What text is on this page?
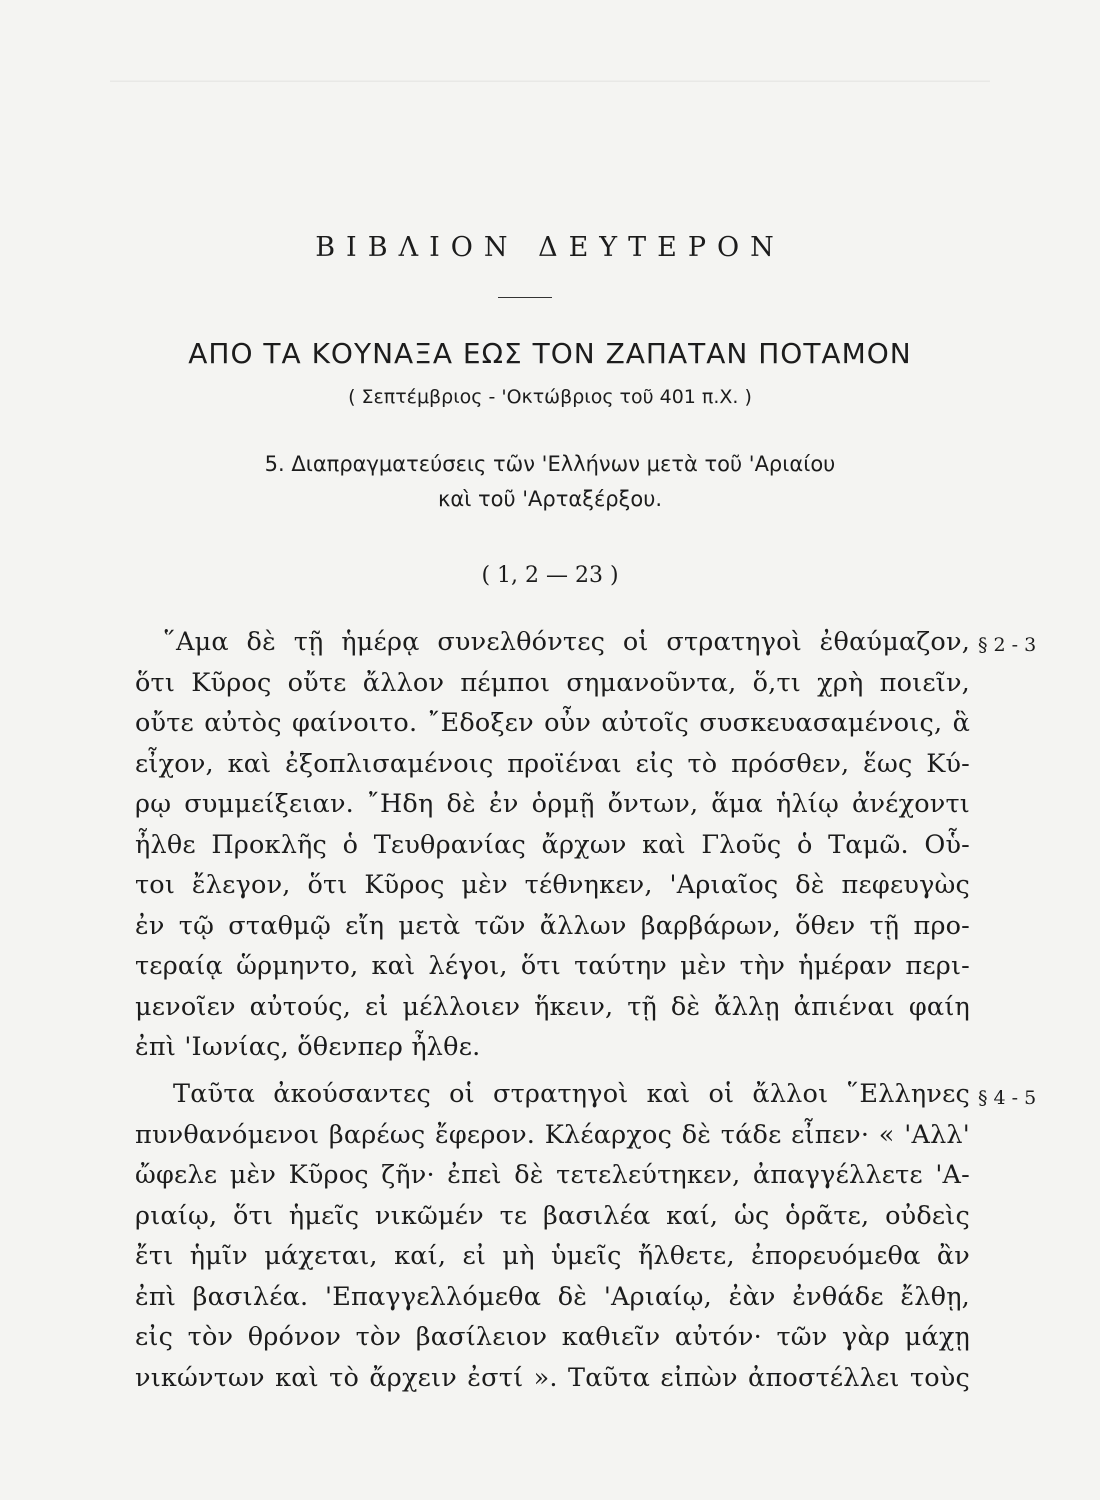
ΒΙΒΛΙΟΝ ΔΕΥΤΕΡΟΝ
ΑΠΟ ΤΑ ΚΟΥΝΑΞΑ ΕΩΣ ΤΟΝ ΖΑΠΑΤΑΝ ΠΟΤΑΜΟΝ
( Σεπτέμβριος - 'Οκτώβριος τοῦ 401 π.Χ. )
5. Διαπραγματεύσεις τῶν 'Ελλήνων μετὰ τοῦ 'Αριαίου
καὶ τοῦ 'Αρταξέρξου.
( 1, 2 — 23 )
῞Αμα δὲ τῇ ἡμέρᾳ συνελθόντες οἱ στρατηγοὶ ἐθαύμαζον,
ὅτι Κῦρος οὔτε ἄλλον πέμποι σημανοῦντα, ὅ,τι χρὴ ποιεῖν,
οὔτε αὐτὸς φαίνοιτο. ῎Εδοξεν οὖν αὐτοῖς συσκευασαμένοις, ἃ
εἶχον, καὶ ἐξοπλισαμένοις προϊέναι εἰς τὸ πρόσθεν, ἕως Κύ-
ρῳ συμμείξειαν. ῎Ηδη δὲ ἐν ὁρμῇ ὄντων, ἅμα ἡλίῳ ἀνέχοντι
ἦλθε Προκλῆς ὁ Τευθρανίας ἄρχων καὶ Γλοῦς ὁ Ταμῶ. Οὗ-
τοι ἔλεγον, ὅτι Κῦρος μὲν τέθνηκεν, 'Αριαῖος δὲ πεφευγὼς
ἐν τῷ σταθμῷ εἴη μετὰ τῶν ἄλλων βαρβάρων, ὅθεν τῇ προ-
τεραίᾳ ὥρμηντο, καὶ λέγοι, ὅτι ταύτην μὲν τὴν ἡμέραν περι-
μενοῖεν αὐτούς, εἰ μέλλοιεν ἥκειν, τῇ δὲ ἄλλῃ ἀπιέναι φαίη
ἐπὶ 'Ιωνίας, ὅθενπερ ἦλθε.
§ 2 - 3
Ταῦτα ἀκούσαντες οἱ στρατηγοὶ καὶ οἱ ἄλλοι ῞Ελληνες
πυνθανόμενοι βαρέως ἔφερον. Κλέαρχος δὲ τάδε εἶπεν· « 'Αλλ'
ὤφελε μὲν Κῦρος ζῆν· ἐπεὶ δὲ τετελεύτηκεν, ἀπαγγέλλετε 'Α-
ριαίῳ, ὅτι ἡμεῖς νικῶμέν τε βασιλέα καί, ὡς ὁρᾶτε, οὐδεὶς
ἔτι ἡμῖν μάχεται, καί, εἰ μὴ ὑμεῖς ἤλθετε, ἐπορευόμεθα ἂν
ἐπὶ βασιλέα. 'Επαγγελλόμεθα δὲ 'Αριαίῳ, ἐὰν ἐνθάδε ἔλθῃ,
εἰς τὸν θρόνον τὸν βασίλειον καθιεῖν αὐτόν· τῶν γὰρ μάχῃ
νικώντων καὶ τὸ ἄρχειν ἐστί ». Ταῦτα εἰπὼν ἀποστέλλει τοὺς
§ 4 - 5
